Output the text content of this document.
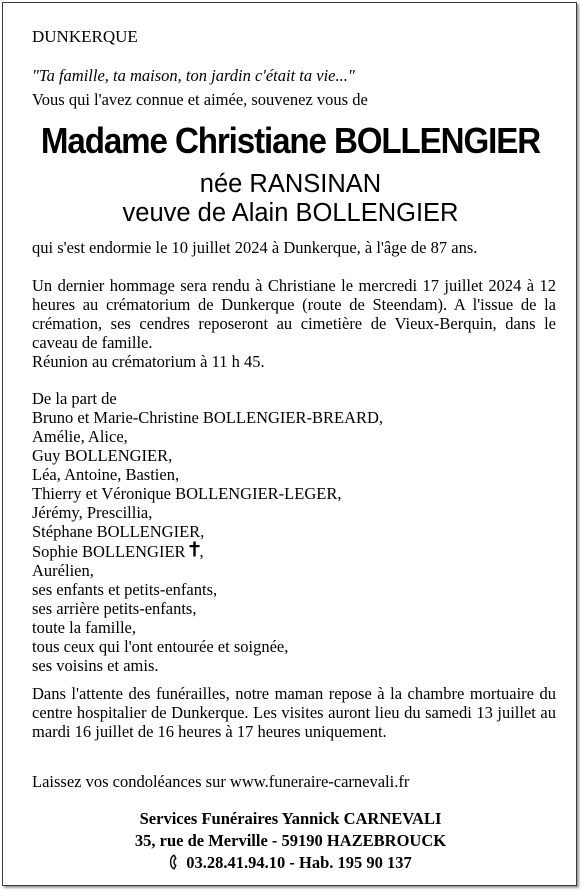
DUNKERQUE
"Ta famille, ta maison, ton jardin c'était ta vie..."
Vous qui l'avez connue et aimée, souvenez vous de
Madame Christiane BOLLENGIER
née RANSINAN
veuve de Alain BOLLENGIER
qui s'est endormie le 10 juillet 2024 à Dunkerque, à l'âge de 87 ans.
Un dernier hommage sera rendu à Christiane le mercredi 17 juillet 2024 à 12 heures au crématorium de Dunkerque (route de Steendam). A l'issue de la crémation, ses cendres reposeront au cimetière de Vieux-Berquin, dans le caveau de famille.
Réunion au crématorium à 11 h 45.
De la part de
Bruno et Marie-Christine BOLLENGIER-BREARD,
Amélie, Alice,
Guy BOLLENGIER,
Léa, Antoine, Bastien,
Thierry et Véronique BOLLENGIER-LEGER,
Jérémy, Prescillia,
Stéphane BOLLENGIER,
Sophie BOLLENGIER ,
Aurélien,
ses enfants et petits-enfants,
ses arrière petits-enfants,
toute la famille,
tous ceux qui l'ont entourée et soignée,
ses voisins et amis.
Dans l'attente des funérailles, notre maman repose à la chambre mortuaire du centre hospitalier de Dunkerque. Les visites auront lieu du samedi 13 juillet au mardi 16 juillet de 16 heures à 17 heures uniquement.
Laissez vos condoléances sur www.funeraire-carnevali.fr
Services Funéraires Yannick CARNEVALI
35, rue de Merville - 59190 HAZEBROUCK
03.28.41.94.10 - Hab. 195 90 137
